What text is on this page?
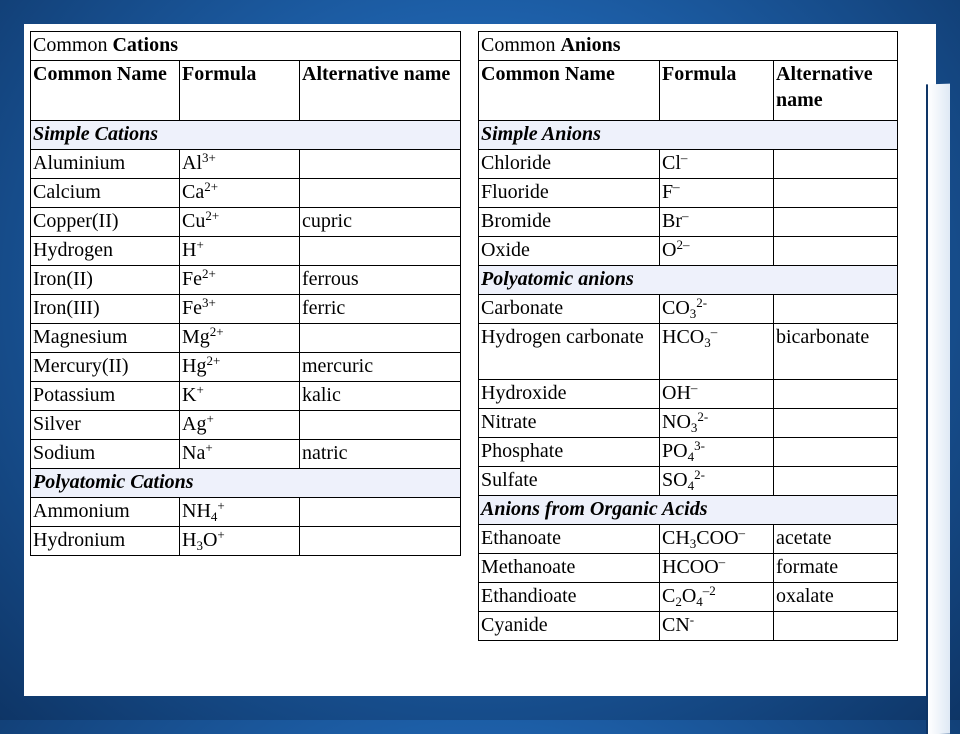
Common Cations		
Common Name	Formula	Alternative name
Simple Cations		
Aluminium	$Al^{3+}$	
Calcium	$Ca^{2+}$	
Copper(II)	$Cu^{2+}$	cupric
Hydrogen	H+	
Iron(II)	$Fe^{2+}$	ferrous
Iron(III)	$Fe^{3+}$	ferric
Magnesium	$Mg^{2+}$	
Mercury(II)	$Hg^{2+}$	mercuric
Potassium	K+	kalic
Silver	Ag+	
Sodium	Na+	natric
Polyatomic Cations		
Ammonium	$NH_4^+$	
Hydronium	$H_3O^+$	
Common Anions		
Common Name	Formula	Alternative name
Simple Anions		
Chloride	Cl–	
Fluoride	F–	
Bromide	Br–	
Oxide	$O^{2-}$	
Polyatomic anions		
Carbonate	$CO_3^{2-}$	
Hydrogen carbonate	$HCO_3^-$	bicarbonate
Hydroxide	OH–	
Nitrate	$NO_3^{2-}$	
Phosphate	$PO_4^{3-}$	
Sulfate	$SO_4^{2-}$	
Anions from Organic Acids		
Ethanoate	$CH_3COO^-$	acetate
Methanoate	HCOO–	formate
Ethandioate	$C_2O_4^{-2}$	oxalate
Cyanide	CN-	
